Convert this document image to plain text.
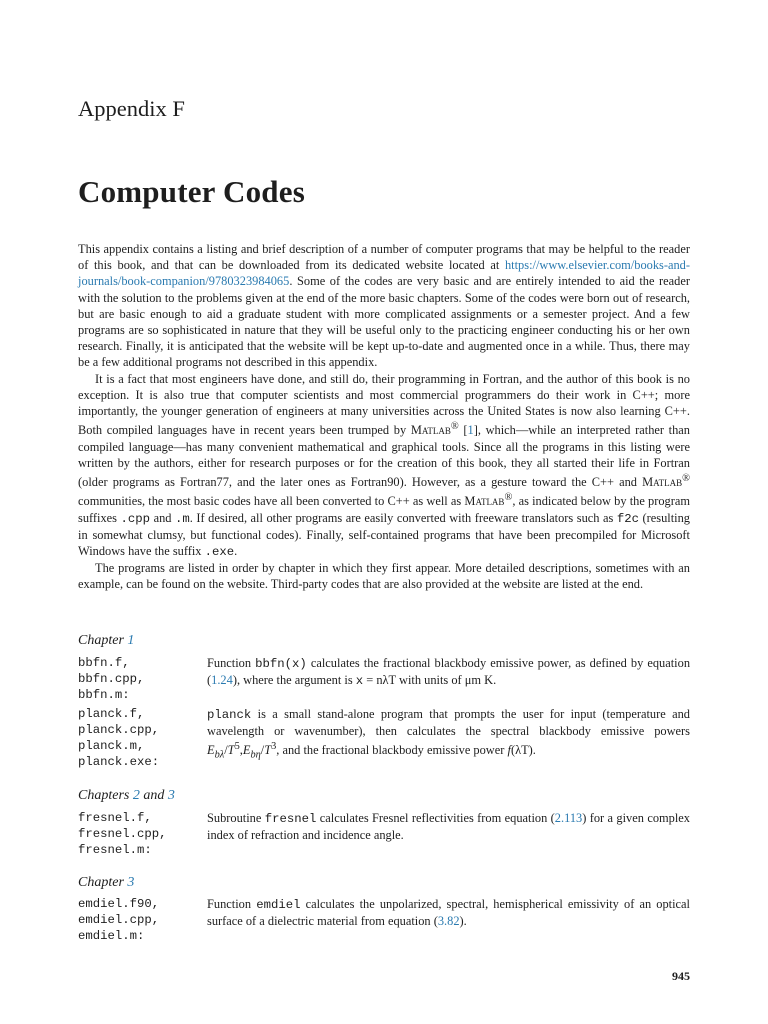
Appendix F
Computer Codes

This appendix contains a listing and brief description of a number of computer programs that may be helpful to the reader of this book, and that can be downloaded from its dedicated website located at https://www.elsevier.com/books-and-journals/book-companion/9780323984065. Some of the codes are very basic and are entirely intended to aid the reader with the solution to the problems given at the end of the more basic chapters. Some of the codes were born out of research, but are basic enough to aid a graduate student with more complicated assignments or a semester project. And a few programs are so sophisticated in nature that they will be useful only to the practicing engineer conducting his or her own research. Finally, it is anticipated that the website will be kept up-to-date and augmented once in a while. Thus, there may be a few additional programs not described in this appendix.

It is a fact that most engineers have done, and still do, their programming in Fortran, and the author of this book is no exception. It is also true that computer scientists and most commercial programmers do their work in C++; more importantly, the younger generation of engineers at many universities across the United States is now also learning C++. Both compiled languages have in recent years been trumped by Matlab® [1], which—while an interpreted rather than compiled language—has many convenient mathematical and graphical tools. Since all the programs in this listing were written by the authors, either for research purposes or for the creation of this book, they all started their life in Fortran (older programs as Fortran77, and the later ones as Fortran90). However, as a gesture toward the C++ and Matlab® communities, the most basic codes have all been converted to C++ as well as Matlab®, as indicated below by the program suffixes .cpp and .m. If desired, all other programs are easily converted with freeware translators such as f2c (resulting in somewhat clumsy, but functional codes). Finally, self-contained programs that have been precompiled for Microsoft Windows have the suffix .exe.

The programs are listed in order by chapter in which they first appear. More detailed descriptions, sometimes with an example, can be found on the website. Third-party codes that are also provided at the website are listed at the end.

Chapter 1
bbfn.f,
bbfn.cpp,
bbfn.m:
Function bbfn(x) calculates the fractional blackbody emissive power, as defined by equation (1.24), where the argument is x = nλT with units of μm K.
planck.f,
planck.cpp,
planck.m,
planck.exe:
planck is a small stand-alone program that prompts the user for input (temperature and wavelength or wavenumber), then calculates the spectral blackbody emissive powers $E_{b\lambda}/T^5,E_{b\eta}/T^3$, and the fractional blackbody emissive power f(λT).
Chapters 2 and 3
fresnel.f,
fresnel.cpp,
fresnel.m:
Subroutine fresnel calculates Fresnel reflectivities from equation (2.113) for a given complex index of refraction and incidence angle.
Chapter 3
emdiel.f90,
emdiel.cpp,
emdiel.m:
Function emdiel calculates the unpolarized, spectral, hemispherical emissivity of an optical surface of a dielectric material from equation (3.82).
945
